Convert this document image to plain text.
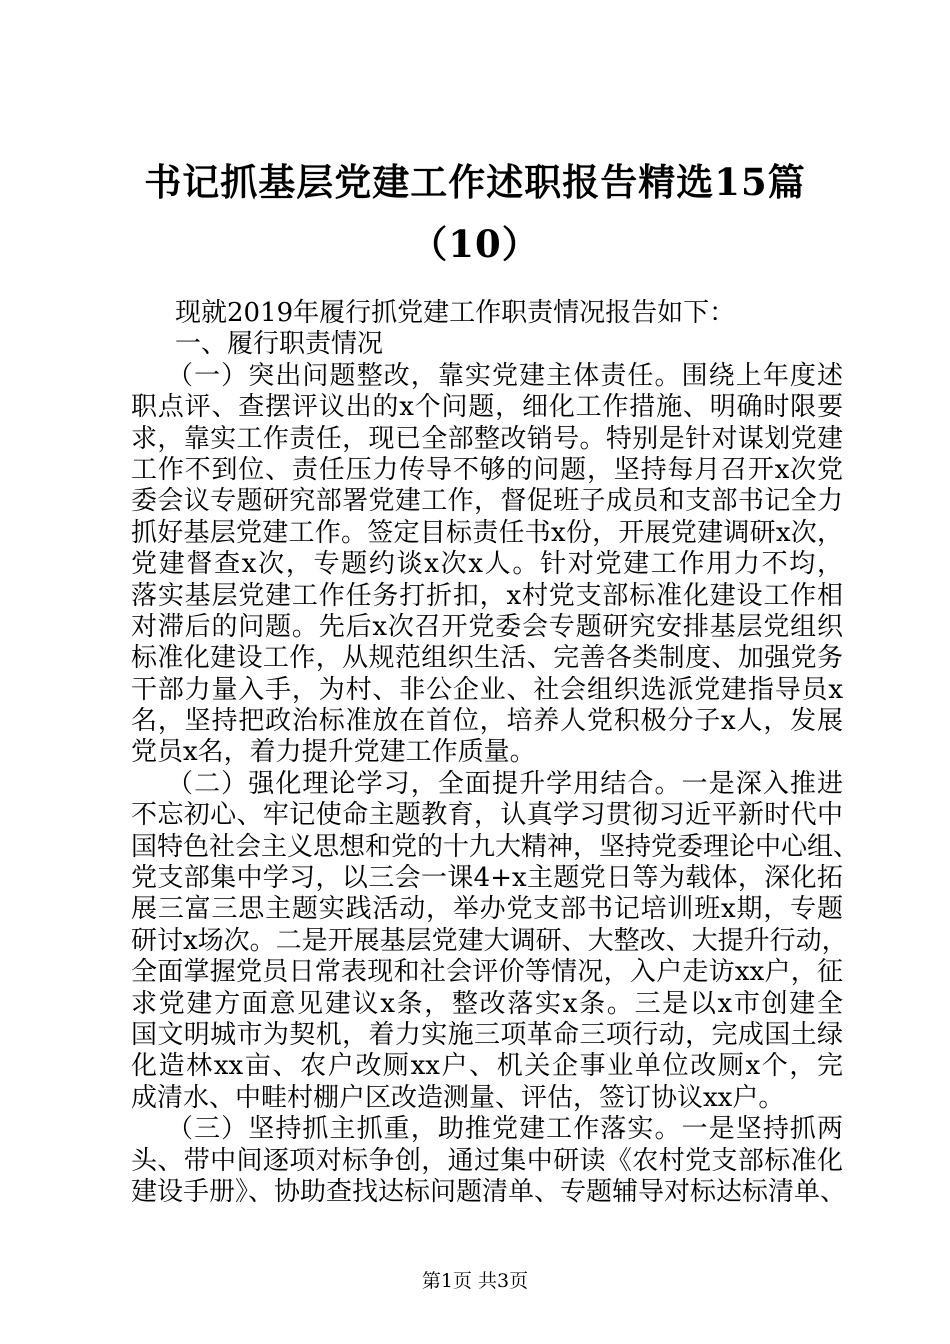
书记抓基层党建工作述职报告精选15篇
（10）
现就2019年履行抓党建工作职责情况报告如下：
一、履行职责情况
（一）突出问题整改，靠实党建主体责任。围绕上年度述
职点评、查摆评议出的x个问题，细化工作措施、明确时限要
求，靠实工作责任，现已全部整改销号。特别是针对谋划党建
工作不到位、责任压力传导不够的问题，坚持每月召开x次党
委会议专题研究部署党建工作，督促班子成员和支部书记全力
抓好基层党建工作。签定目标责任书x份，开展党建调研x次，
党建督查x次，专题约谈x次x人。针对党建工作用力不均，
落实基层党建工作任务打折扣，x村党支部标准化建设工作相
对滞后的问题。先后x次召开党委会专题研究安排基层党组织
标准化建设工作，从规范组织生活、完善各类制度、加强党务
干部力量入手，为村、非公企业、社会组织选派党建指导员x
名，坚持把政治标准放在首位，培养人党积极分子x人，发展
党员x名，着力提升党建工作质量。
（二）强化理论学习，全面提升学用结合。一是深入推进
不忘初心、牢记使命主题教育，认真学习贯彻习近平新时代中
国特色社会主义思想和党的十九大精神，坚持党委理论中心组、
党支部集中学习，以三会一课4+x主题党日等为载体，深化拓
展三富三思主题实践活动，举办党支部书记培训班x期，专题
研讨x场次。二是开展基层党建大调研、大整改、大提升行动，
全面掌握党员日常表现和社会评价等情况，入户走访xx户，征
求党建方面意见建议x条，整改落实x条。三是以x市创建全
国文明城市为契机，着力实施三项革命三项行动，完成国土绿
化造林xx亩、农户改厕xx户、机关企事业单位改厕x个，完
成清水、中畦村棚户区改造测量、评估，签订协议xx户。
（三）坚持抓主抓重，助推党建工作落实。一是坚持抓两
头、带中间逐项对标争创，通过集中研读《农村党支部标准化
建设手册》、协助查找达标问题清单、专题辅导对标达标清单、
第1页 共3页
